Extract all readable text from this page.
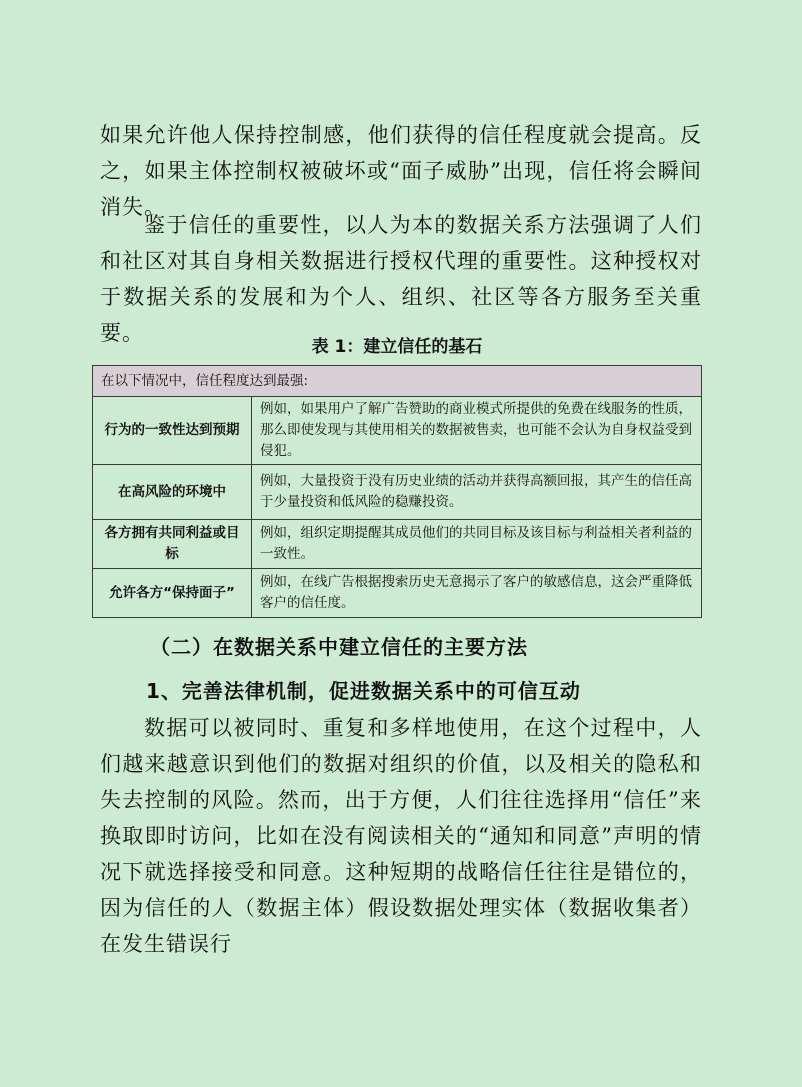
如果允许他人保持控制感，他们获得的信任程度就会提高。反之，如果主体控制权被破坏或“面子威胁”出现，信任将会瞬间消失。

鉴于信任的重要性，以人为本的数据关系方法强调了人们和社区对其自身相关数据进行授权代理的重要性。这种授权对于数据关系的发展和为个人、组织、社区等各方服务至关重要。

表 1：建立信任的基石
在以下情况中，信任程度达到最强:	
行为的一致性达到预期	例如，如果用户了解广告赞助的商业模式所提供的免费在线服务的性质，那么即使发现与其使用相关的数据被售卖，也可能不会认为自身权益受到侵犯。
在高风险的环境中	例如，大量投资于没有历史业绩的活动并获得高额回报，其产生的信任高于少量投资和低风险的稳赚投资。
各方拥有共同利益或目标	例如，组织定期提醒其成员他们的共同目标及该目标与利益相关者利益的一致性。
允许各方“保持面子”	例如，在线广告根据搜索历史无意揭示了客户的敏感信息，这会严重降低客户的信任度。
（二）在数据关系中建立信任的主要方法
1、完善法律机制，促进数据关系中的可信互动

数据可以被同时、重复和多样地使用，在这个过程中，人们越来越意识到他们的数据对组织的价值，以及相关的隐私和失去控制的风险。然而，出于方便，人们往往选择用“信任”来换取即时访问，比如在没有阅读相关的“通知和同意”声明的情况下就选择接受和同意。这种短期的战略信任往往是错位的，因为信任的人（数据主体）假设数据处理实体（数据收集者）在发生错误行
